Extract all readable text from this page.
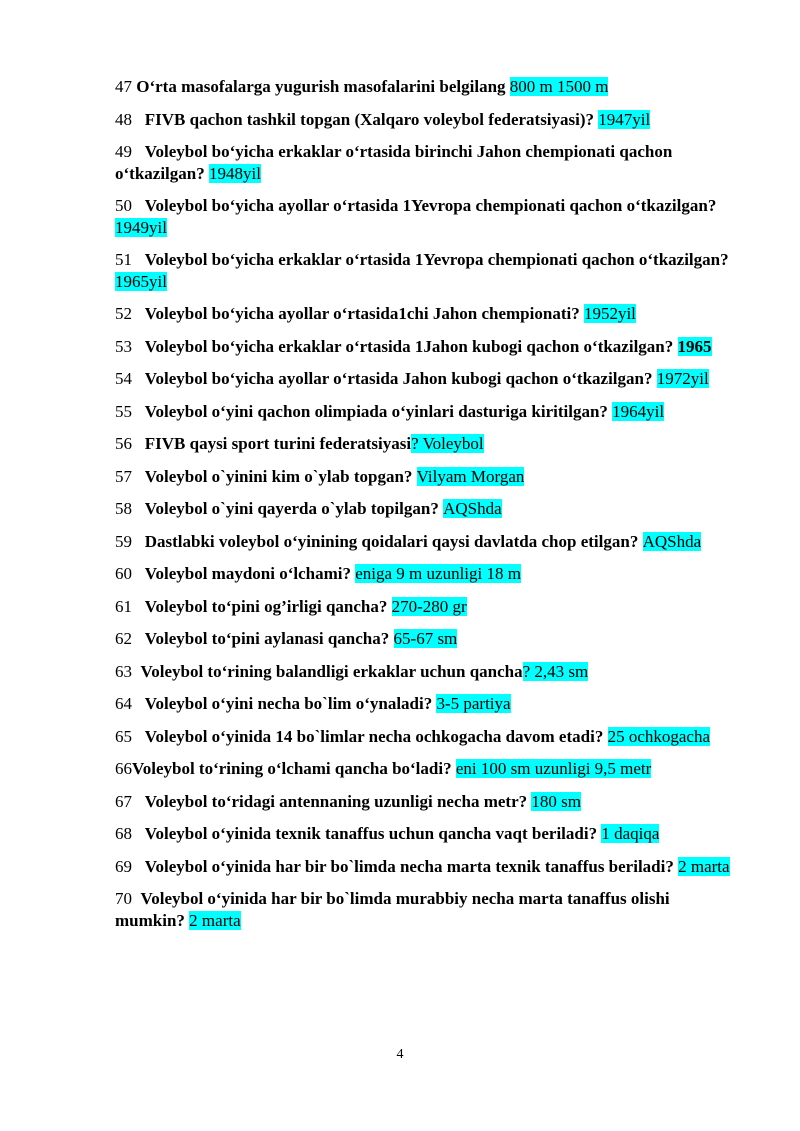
47 O‘rta masofalarga yugurish masofalarini belgilang 800 m 1500 m

48   FIVB qachon tashkil topgan (Xalqaro voleybol federatsiyasi)? 1947yil

49   Voleybol bo‘yicha erkaklar o‘rtasida birinchi Jahon chempionati qachon o‘tkazilgan? 1948yil

50   Voleybol bo‘yicha ayollar o‘rtasida 1Yevropa chempionati qachon o‘tkazilgan? 1949yil

51   Voleybol bo‘yicha erkaklar o‘rtasida 1Yevropa chempionati qachon o‘tkazilgan? 1965yil

52   Voleybol bo‘yicha ayollar o‘rtasida1chi Jahon chempionati? 1952yil

53   Voleybol bo‘yicha erkaklar o‘rtasida 1Jahon kubogi qachon o‘tkazilgan? 1965

54   Voleybol bo‘yicha ayollar o‘rtasida Jahon kubogi qachon o‘tkazilgan? 1972yil

55   Voleybol o‘yini qachon olimpiada o‘yinlari dasturiga kiritilgan? 1964yil

56   FIVB qaysi sport turini federatsiyasi? Voleybol

57   Voleybol o`yinini kim o`ylab topgan? Vilyam Morgan

58   Voleybol o`yini qayerda o`ylab topilgan? AQShda

59   Dastlabki voleybol o‘yinining qoidalari qaysi davlatda chop etilgan? AQShda

60   Voleybol maydoni o‘lchami? eniga 9 m uzunligi 18 m

61   Voleybol to‘pini og’irligi qancha? 270-280 gr

62   Voleybol to‘pini aylanasi qancha? 65-67 sm

63  Voleybol to‘rining balandligi erkaklar uchun qancha? 2,43 sm

64   Voleybol o‘yini necha bo`lim o‘ynaladi? 3-5 partiya

65   Voleybol o‘yinida 14 bo`limlar necha ochkogacha davom etadi? 25 ochkogacha

66Voleybol to‘rining o‘lchami qancha bo‘ladi? eni 100 sm uzunligi 9,5 metr

67   Voleybol to‘ridagi antennaning uzunligi necha metr? 180 sm

68   Voleybol o‘yinida texnik tanaffus uchun qancha vaqt beriladi? 1 daqiqa

69   Voleybol o‘yinida har bir bo`limda necha marta texnik tanaffus beriladi? 2 marta

70  Voleybol o‘yinida har bir bo`limda murabbiy necha marta tanaffus olishi mumkin? 2 marta

4
